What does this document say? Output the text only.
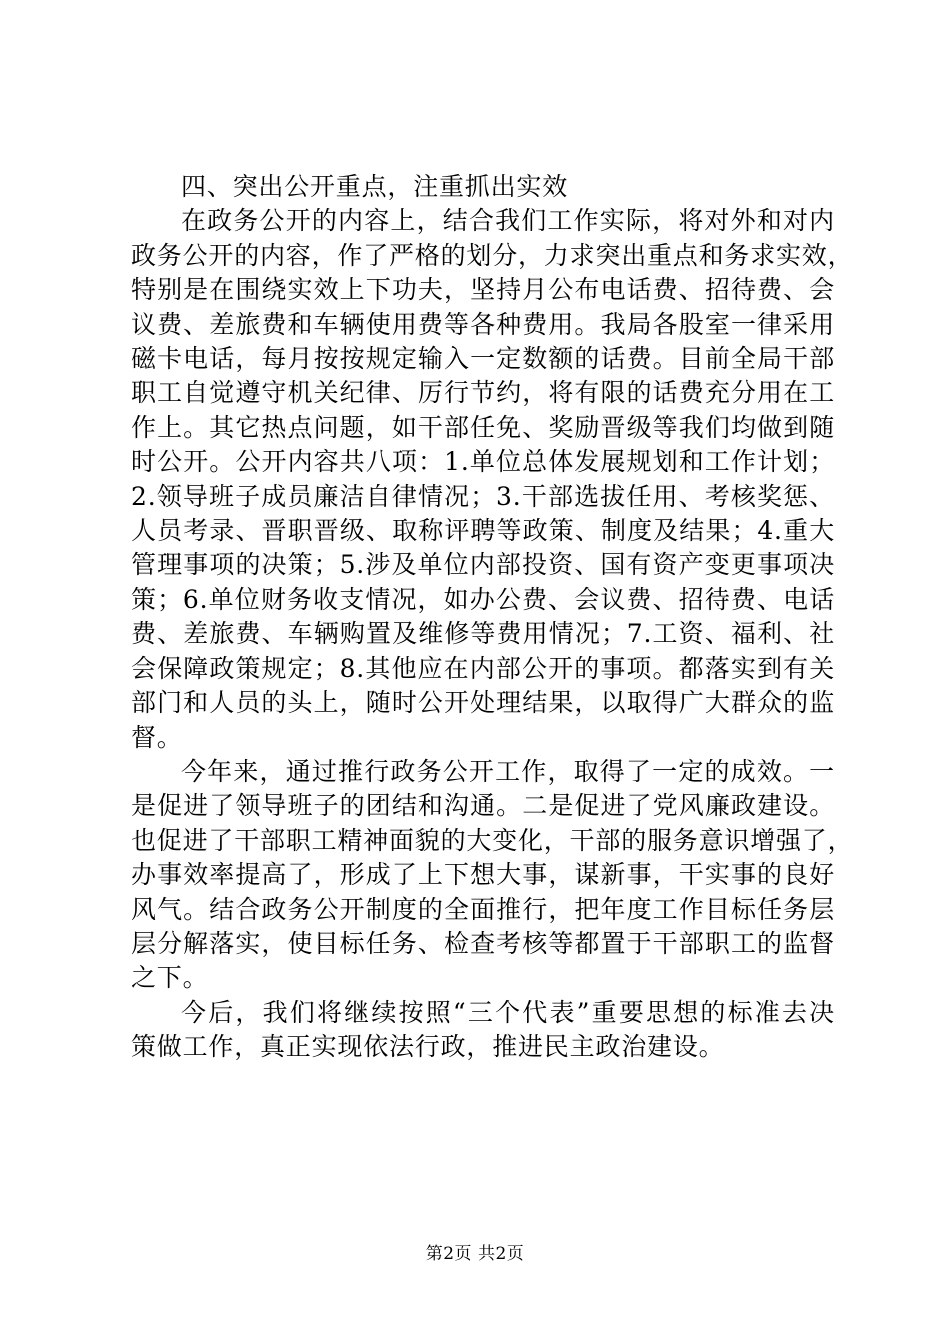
四、突出公开重点，注重抓出实效

在政务公开的内容上，结合我们工作实际，将对外和对内
政务公开的内容，作了严格的划分，力求突出重点和务求实效，
特别是在围绕实效上下功夫，坚持月公布电话费、招待费、会
议费、差旅费和车辆使用费等各种费用。我局各股室一律采用
磁卡电话，每月按按规定输入一定数额的话费。目前全局干部
职工自觉遵守机关纪律、厉行节约，将有限的话费充分用在工
作上。其它热点问题，如干部任免、奖励晋级等我们均做到随
时公开。公开内容共八项：1.单位总体发展规划和工作计划；
2.领导班子成员廉洁自律情况；3.干部选拔任用、考核奖惩、
人员考录、晋职晋级、取称评聘等政策、制度及结果；4.重大
管理事项的决策；5.涉及单位内部投资、国有资产变更事项决
策；6.单位财务收支情况，如办公费、会议费、招待费、电话
费、差旅费、车辆购置及维修等费用情况；7.工资、福利、社
会保障政策规定；8.其他应在内部公开的事项。都落实到有关
部门和人员的头上，随时公开处理结果，以取得广大群众的监
督。

今年来，通过推行政务公开工作，取得了一定的成效。一
是促进了领导班子的团结和沟通。二是促进了党风廉政建设。
也促进了干部职工精神面貌的大变化，干部的服务意识增强了，
办事效率提高了，形成了上下想大事，谋新事，干实事的良好
风气。结合政务公开制度的全面推行，把年度工作目标任务层
层分解落实，使目标任务、检查考核等都置于干部职工的监督
之下。

今后，我们将继续按照“三个代表”重要思想的标准去决
策做工作，真正实现依法行政，推进民主政治建设。

第2页 共2页
